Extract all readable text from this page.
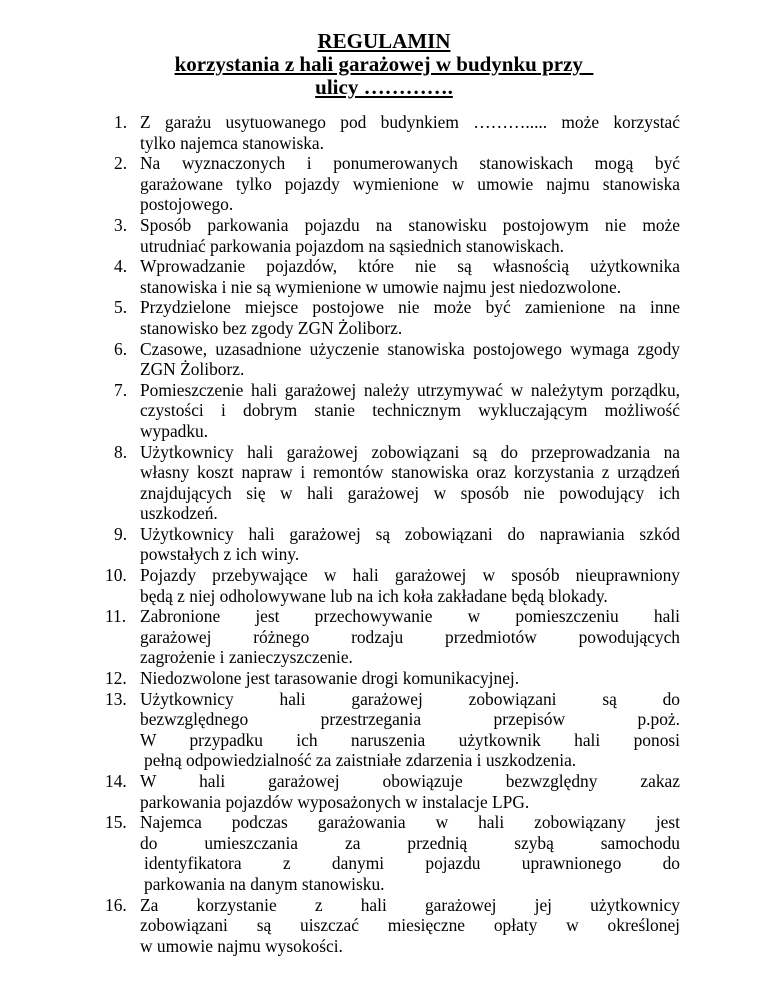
REGULAMIN
korzystania z hali garażowej w budynku przy
ulicy ………….
1. Z garażu usytuowanego pod budynkiem ………..... może korzystać
tylko najemca stanowiska.
2. Na wyznaczonych i ponumerowanych stanowiskach mogą być
garażowane tylko pojazdy wymienione w umowie najmu stanowiska
postojowego.
3. Sposób parkowania pojazdu na stanowisku postojowym nie może
utrudniać parkowania pojazdom na sąsiednich stanowiskach.
4. Wprowadzanie pojazdów, które nie są własnością użytkownika
stanowiska i nie są wymienione w umowie najmu jest niedozwolone.
5. Przydzielone miejsce postojowe nie może być zamienione na inne
stanowisko bez zgody ZGN Żoliborz.
6. Czasowe, uzasadnione użyczenie stanowiska postojowego wymaga zgody
ZGN Żoliborz.
7. Pomieszczenie hali garażowej należy utrzymywać w należytym porządku,
czystości i dobrym stanie technicznym wykluczającym możliwość
wypadku.
8. Użytkownicy hali garażowej zobowiązani są do przeprowadzania na
własny koszt napraw i remontów stanowiska oraz korzystania z urządzeń
znajdujących się w hali garażowej w sposób nie powodujący ich
uszkodzeń.
9. Użytkownicy hali garażowej są zobowiązani do naprawiania szkód
powstałych z ich winy.
10. Pojazdy przebywające w hali garażowej w sposób nieuprawniony
będą z niej odholowywane lub na ich koła zakładane będą blokady.
11. Zabronione jest przechowywanie w pomieszczeniu hali
garażowej różnego rodzaju przedmiotów powodujących
zagrożenie i zanieczyszczenie.
12. Niedozwolone jest tarasowanie drogi komunikacyjnej.
13. Użytkownicy hali garażowej zobowiązani są do
bezwzględnego przestrzegania przepisów p.poż.
W przypadku ich naruszenia użytkownik hali ponosi
pełną odpowiedzialność za zaistniałe zdarzenia i uszkodzenia.
14. W hali garażowej obowiązuje bezwzględny zakaz
parkowania pojazdów wyposażonych w instalacje LPG.
15. Najemca podczas garażowania w hali zobowiązany jest
do umieszczania za przednią szybą samochodu
identyfikatora z danymi pojazdu uprawnionego do
parkowania na danym stanowisku.
16. Za korzystanie z hali garażowej jej użytkownicy
zobowiązani są uiszczać miesięczne opłaty w określonej
w umowie najmu wysokości.
